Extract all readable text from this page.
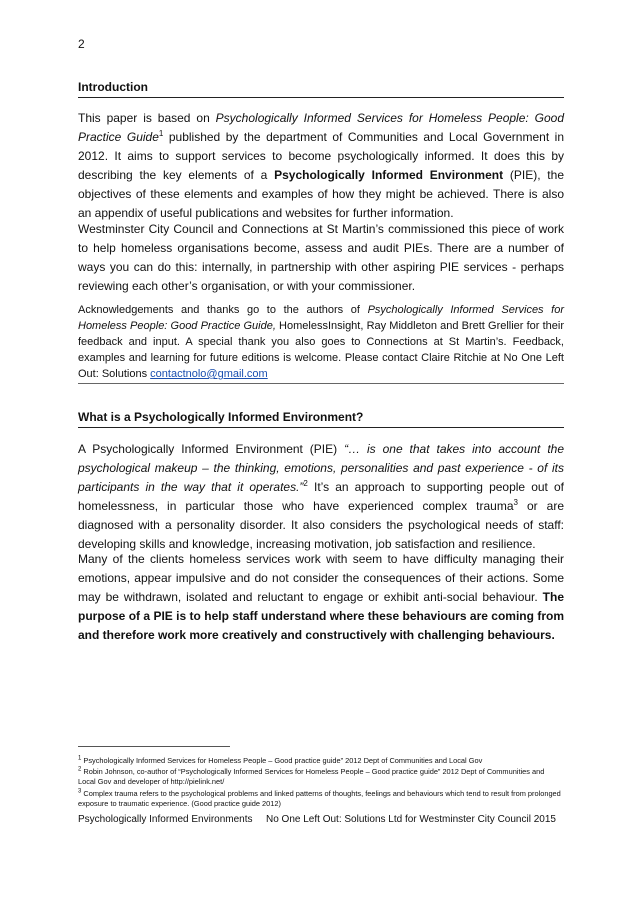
2
Introduction

This paper is based on Psychologically Informed Services for Homeless People: Good Practice Guide$^1$ published by the department of Communities and Local Government in 2012. It aims to support services to become psychologically informed. It does this by describing the key elements of a Psychologically Informed Environment (PIE), the objectives of these elements and examples of how they might be achieved. There is also an appendix of useful publications and websites for further information.

Westminster City Council and Connections at St Martin’s commissioned this piece of work to help homeless organisations become, assess and audit PIEs. There are a number of ways you can do this: internally, in partnership with other aspiring PIE services - perhaps reviewing each other’s organisation, or with your commissioner.

Acknowledgements and thanks go to the authors of Psychologically Informed Services for Homeless People: Good Practice Guide, HomelessInsight, Ray Middleton and Brett Grellier for their feedback and input. A special thank you also goes to Connections at St Martin’s. Feedback, examples and learning for future editions is welcome. Please contact Claire Ritchie at No One Left Out: Solutions contactnolo@gmail.com

What is a Psychologically Informed Environment?

A Psychologically Informed Environment (PIE) “… is one that takes into account the psychological makeup – the thinking, emotions, personalities and past experience - of its participants in the way that it operates.”$^2$ It’s an approach to supporting people out of homelessness, in particular those who have experienced complex trauma$^3$ or are diagnosed with a personality disorder. It also considers the psychological needs of staff: developing skills and knowledge, increasing motivation, job satisfaction and resilience.

Many of the clients homeless services work with seem to have difficulty managing their emotions, appear impulsive and do not consider the consequences of their actions. Some may be withdrawn, isolated and reluctant to engage or exhibit anti-social behaviour. The purpose of a PIE is to help staff understand where these behaviours are coming from and therefore work more creatively and constructively with challenging behaviours.

$^1$ Psychologically Informed Services for Homeless People – Good practice guide” 2012 Dept of Communities and Local Gov

$^2$ Robin Johnson, co-author of “Psychologically Informed Services for Homeless People – Good practice guide” 2012 Dept of Communities and Local Gov and developer of http://pielink.net/

$^3$ Complex trauma refers to the psychological problems and linked patterns of thoughts, feelings and behaviours which tend to result from prolonged exposure to traumatic experience. (Good practice guide 2012)

Psychologically Informed Environments	No One Left Out: Solutions Ltd for Westminster City Council 2015
